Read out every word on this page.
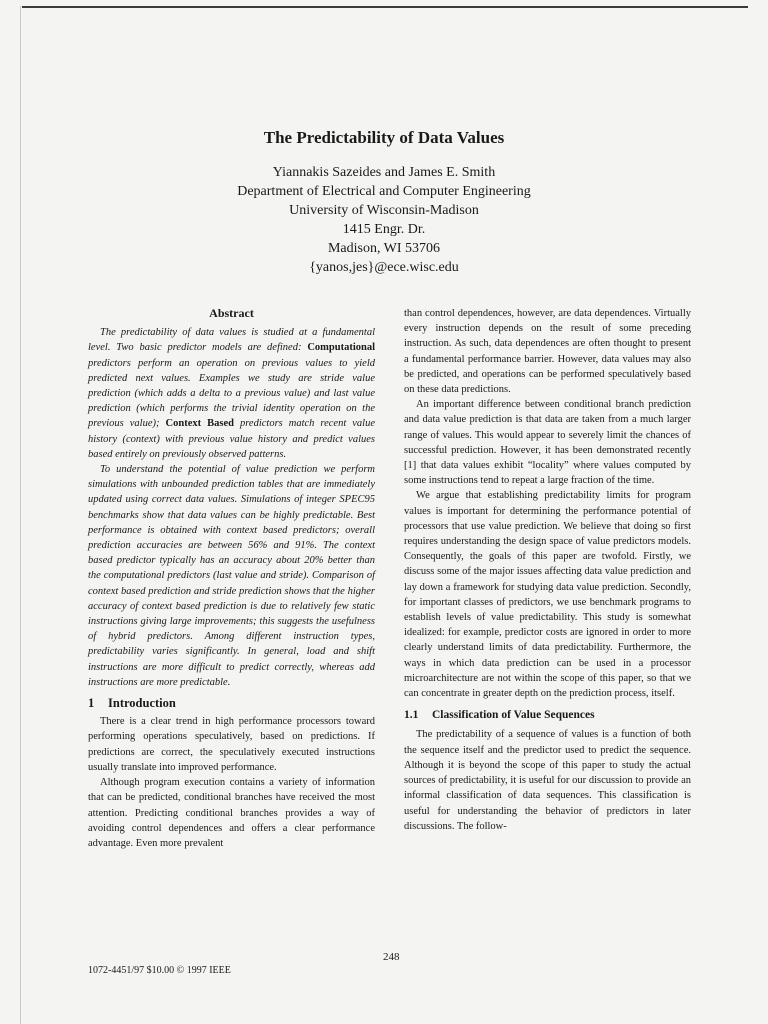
The Predictability of Data Values

Yiannakis Sazeides and James E. Smith

Department of Electrical and Computer Engineering

University of Wisconsin-Madison

1415 Engr. Dr.

Madison, WI 53706

{yanos,jes}@ece.wisc.edu

Abstract

The predictability of data values is studied at a fundamental level. Two basic predictor models are defined: Computational predictors perform an operation on previous values to yield predicted next values. Examples we study are stride value prediction (which adds a delta to a previous value) and last value prediction (which performs the trivial identity operation on the previous value); Context Based predictors match recent value history (context) with previous value history and predict values based entirely on previously observed patterns.

To understand the potential of value prediction we perform simulations with unbounded prediction tables that are immediately updated using correct data values. Simulations of integer SPEC95 benchmarks show that data values can be highly predictable. Best performance is obtained with context based predictors; overall prediction accuracies are between 56% and 91%. The context based predictor typically has an accuracy about 20% better than the computational predictors (last value and stride). Comparison of context based prediction and stride prediction shows that the higher accuracy of context based prediction is due to relatively few static instructions giving large improvements; this suggests the usefulness of hybrid predictors. Among different instruction types, predictability varies significantly. In general, load and shift instructions are more difficult to predict correctly, whereas add instructions are more predictable.

1 Introduction

There is a clear trend in high performance processors toward performing operations speculatively, based on predictions. If predictions are correct, the speculatively executed instructions usually translate into improved performance.

Although program execution contains a variety of information that can be predicted, conditional branches have received the most attention. Predicting conditional branches provides a way of avoiding control dependences and offers a clear performance advantage. Even more prevalent

than control dependences, however, are data dependences. Virtually every instruction depends on the result of some preceding instruction. As such, data dependences are often thought to present a fundamental performance barrier. However, data values may also be predicted, and operations can be performed speculatively based on these data predictions.

An important difference between conditional branch prediction and data value prediction is that data are taken from a much larger range of values. This would appear to severely limit the chances of successful prediction. However, it has been demonstrated recently [1] that data values exhibit “locality” where values computed by some instructions tend to repeat a large fraction of the time.

We argue that establishing predictability limits for program values is important for determining the performance potential of processors that use value prediction. We believe that doing so first requires understanding the design space of value predictors models. Consequently, the goals of this paper are twofold. Firstly, we discuss some of the major issues affecting data value prediction and lay down a framework for studying data value prediction. Secondly, for important classes of predictors, we use benchmark programs to establish levels of value predictability. This study is somewhat idealized: for example, predictor costs are ignored in order to more clearly understand limits of data predictability. Furthermore, the ways in which data prediction can be used in a processor microarchitecture are not within the scope of this paper, so that we can concentrate in greater depth on the prediction process, itself.

1.1 Classification of Value Sequences

The predictability of a sequence of values is a function of both the sequence itself and the predictor used to predict the sequence. Although it is beyond the scope of this paper to study the actual sources of predictability, it is useful for our discussion to provide an informal classification of data sequences. This classification is useful for understanding the behavior of predictors in later discussions. The follow-

248
1072-4451/97 $10.00 © 1997 IEEE
